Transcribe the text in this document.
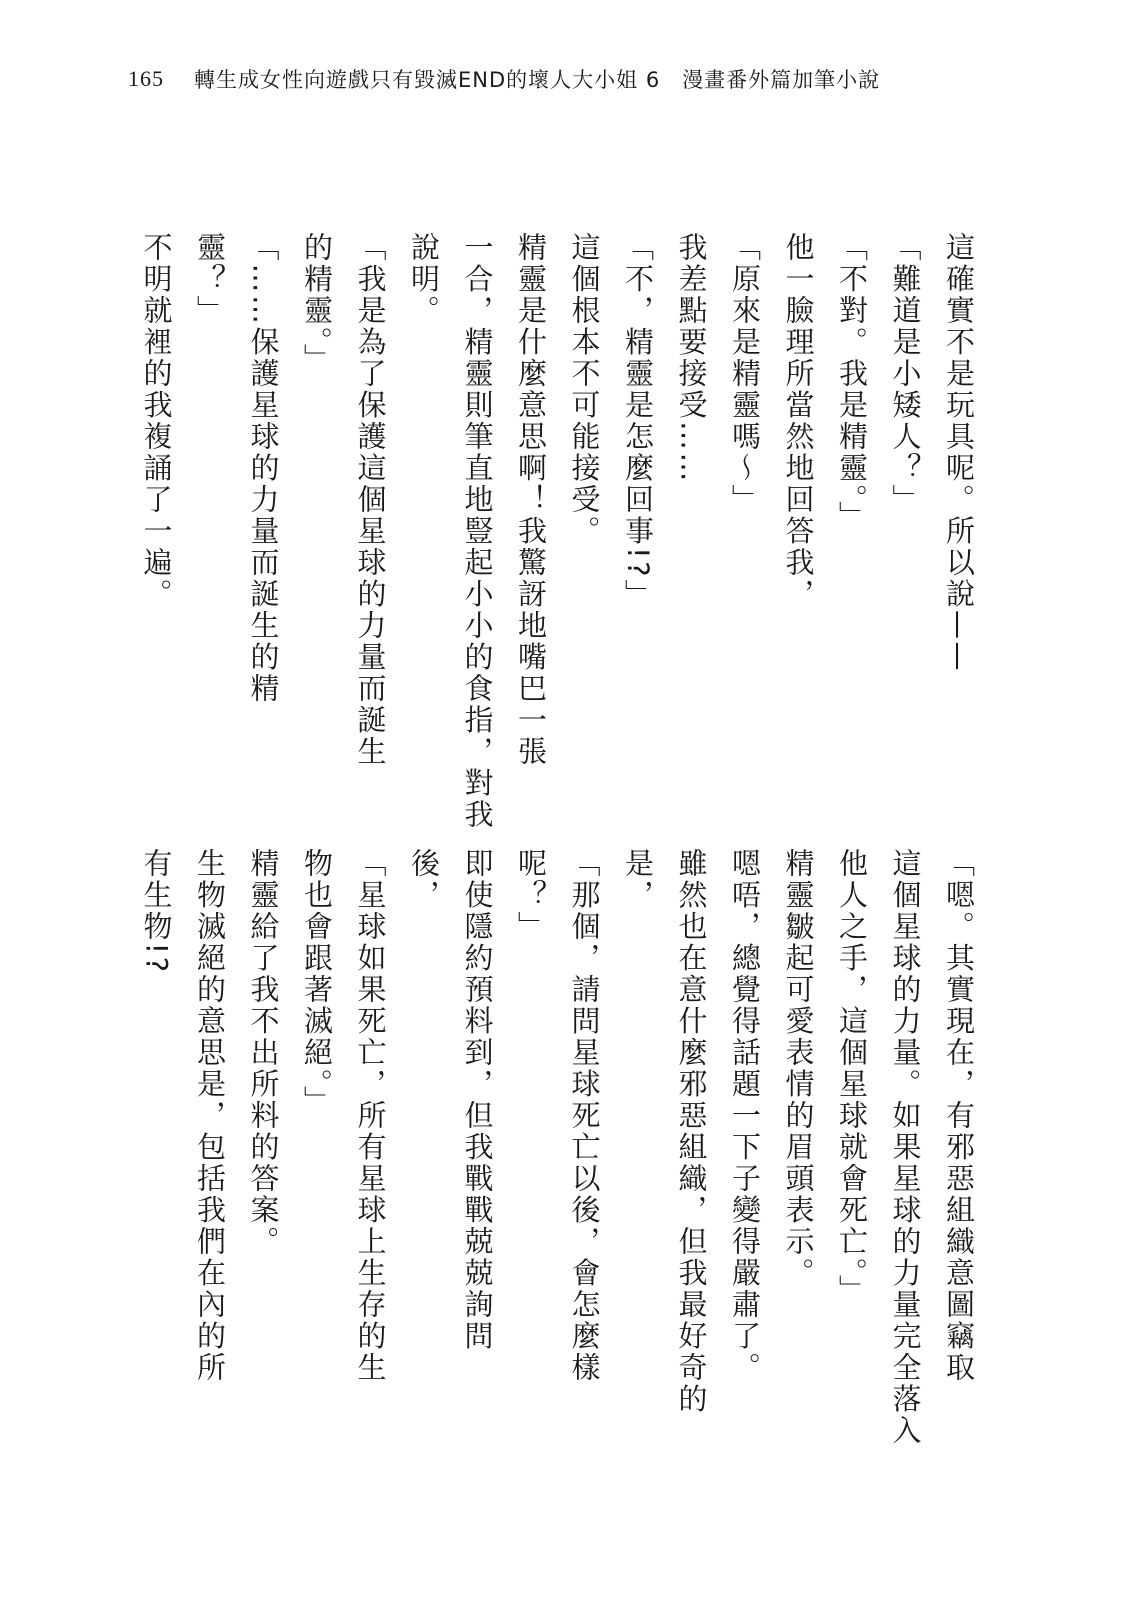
165 轉生成女性向遊戲只有毀滅END的壞人大小姐 6　漫畫番外篇加筆小說
這確實不是玩具呢。所以說——
「難道是小矮人？」
「不對。我是精靈。」
他一臉理所當然地回答我，
「原來是精靈嗎～」
我差點要接受……
「不，精靈是怎麼回事!?」
這個根本不可能接受。
精靈是什麼意思啊！我驚訝地嘴巴一張
一合，精靈則筆直地豎起小小的食指，對我
說明。
「我是為了保護這個星球的力量而誕生
的精靈。」
「……保護星球的力量而誕生的精
靈？」
不明就裡的我複誦了一遍。
「嗯。其實現在，有邪惡組織意圖竊取
這個星球的力量。如果星球的力量完全落入
他人之手，這個星球就會死亡。」
精靈皺起可愛表情的眉頭表示。
嗯唔，總覺得話題一下子變得嚴肅了。
雖然也在意什麼邪惡組織，但我最好奇的
是，
「那個，請問星球死亡以後，會怎麼樣
呢？」
即使隱約預料到，但我戰戰兢兢詢問
後，
「星球如果死亡，所有星球上生存的生
物也會跟著滅絕。」
精靈給了我不出所料的答案。
生物滅絕的意思是，包括我們在內的所
有生物!?
